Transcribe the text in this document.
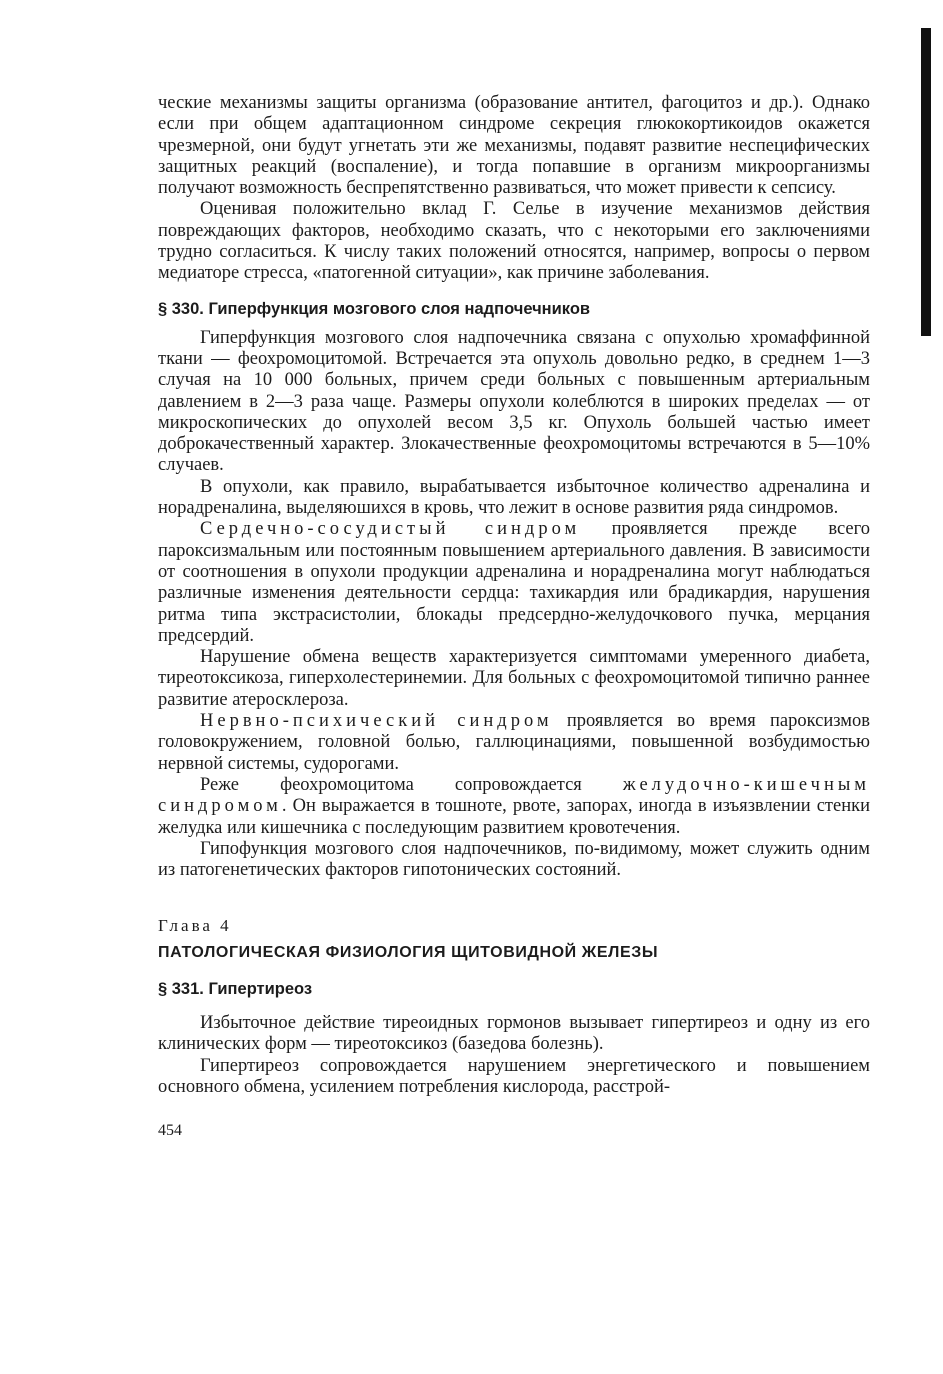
ческие механизмы защиты организма (образование антител, фагоцитоз и др.). Однако если при общем адаптационном синдроме секреция глюкокортикоидов окажется чрезмерной, они будут угнетать эти же механизмы, подавят развитие неспецифических защитных реакций (воспаление), и тогда попавшие в организм микроорганизмы получают возможность беспрепятственно развиваться, что может привести к сепсису.

Оценивая положительно вклад Г. Селье в изучение механизмов действия повреждающих факторов, необходимо сказать, что с некоторыми его заключениями трудно согласиться. К числу таких положений относятся, например, вопросы о первом медиаторе стресса, «патогенной ситуации», как причине заболевания.

§ 330. Гиперфункция мозгового слоя надпочечников

Гиперфункция мозгового слоя надпочечника связана с опухолью хромаффинной ткани — феохромоцитомой. Встречается эта опухоль довольно редко, в среднем 1—3 случая на 10 000 больных, причем среди больных с повышенным артериальным давлением в 2—3 раза чаще. Размеры опухоли колеблются в широких пределах — от микроскопических до опухолей весом 3,5 кг. Опухоль большей частью имеет доброкачественный характер. Злокачественные феохромоцитомы встречаются в 5—10% случаев.

В опухоли, как правило, вырабатывается избыточное количество адреналина и норадреналина, выделяюшихся в кровь, что лежит в основе развития ряда синдромов.

Сердечно-сосудистый синдром проявляется прежде всего пароксизмальным или постоянным повышением артериального давления. В зависимости от соотношения в опухоли продукции адреналина и норадреналина могут наблюдаться различные изменения деятельности сердца: тахикардия или брадикардия, нарушения ритма типа экстрасистолии, блокады предсердно-желудочкового пучка, мерцания предсердий.

Нарушение обмена веществ характеризуется симптомами умеренного диабета, тиреотоксикоза, гиперхолестеринемии. Для больных с феохромоцитомой типично раннее развитие атеросклероза.

Нервно-психический синдром проявляется во время пароксизмов головокружением, головной болью, галлюцинациями, повышенной возбудимостью нервной системы, судорогами.

Реже феохромоцитома сопровождается желудочно-кишечным синдромом. Он выражается в тошноте, рвоте, запорах, иногда в изъязвлении стенки желудка или кишечника с последующим развитием кровотечения.

Гипофункция мозгового слоя надпочечников, по-видимому, может служить одним из патогенетических факторов гипотонических состояний.

Глава 4
ПАТОЛОГИЧЕСКАЯ ФИЗИОЛОГИЯ ЩИТОВИДНОЙ ЖЕЛЕЗЫ
§ 331. Гипертиреоз

Избыточное действие тиреоидных гормонов вызывает гипертиреоз и одну из его клинических форм — тиреотоксикоз (базедова болезнь).

Гипертиреоз сопровождается нарушением энергетического и повышением основного обмена, усилением потребления кислорода, расстрой-

454
